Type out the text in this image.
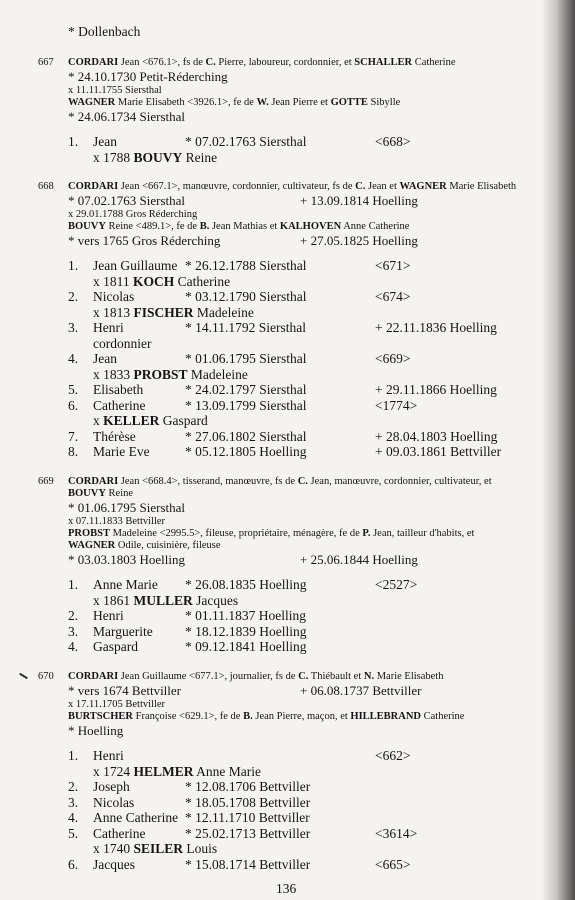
* Dollenbach
667 CORDARI Jean <676.1>, fs de C. Pierre, laboureur, cordonnier, et SCHALLER Catherine
* 24.10.1730 Petit-Réderching
x 11.11.1755 Siersthal
WAGNER Marie Elisabeth <3926.1>, fe de W. Jean Pierre et GOTTE Sibylle
* 24.06.1734 Siersthal
1. Jean	* 07.02.1763 Siersthal	<668>
x 1788 BOUVY Reine
668 CORDARI Jean <667.1>, manœuvre, cordonnier, cultivateur, fs de C. Jean et WAGNER Marie Elisabeth
* 07.02.1763 Siersthal	+ 13.09.1814 Hoelling
x 29.01.1788 Gros Réderching
BOUVY Reine <489.1>, fe de B. Jean Mathias et KALHOVEN Anne Catherine
* vers 1765 Gros Réderching	+ 27.05.1825 Hoelling
1. Jean Guillaume * 26.12.1788 Siersthal	<671>
x 1811 KOCH Catherine
2. Nicolas	* 03.12.1790 Siersthal	<674>
x 1813 FISCHER Madeleine
3. Henri	* 14.11.1792 Siersthal	+ 22.11.1836 Hoelling
cordonnier
4. Jean	* 01.06.1795 Siersthal	<669>
x 1833 PROBST Madeleine
5. Elisabeth	* 24.02.1797 Siersthal	+ 29.11.1866 Hoelling
6. Catherine	* 13.09.1799 Siersthal	<1774>
x KELLER Gaspard
7. Thérèse	* 27.06.1802 Siersthal	+ 28.04.1803 Hoelling
8. Marie Eve	* 05.12.1805 Hoelling	+ 09.03.1861 Bettviller
669 CORDARI Jean <668.4>, tisserand, manœuvre, fs de C. Jean, manœuvre, cordonnier, cultivateur, et
BOUVY Reine
* 01.06.1795 Siersthal
x 07.11.1833 Bettviller
PROBST Madeleine <2995.5>, fileuse, propriétaire, ménagère, fe de P. Jean, tailleur d'habits, et
WAGNER Odile, cuisinière, fileuse
* 03.03.1803 Hoelling	+ 25.06.1844 Hoelling
1. Anne Marie * 26.08.1835 Hoelling	<2527>
x 1861 MULLER Jacques
2. Henri	* 01.11.1837 Hoelling
3. Marguerite * 18.12.1839 Hoelling
4. Gaspard	* 09.12.1841 Hoelling
670 CORDARI Jean Guillaume <677.1>, journalier, fs de C. Thiébault et N. Marie Elisabeth
* vers 1674 Bettviller	+ 06.08.1737 Bettviller
x 17.11.1705 Bettviller
BURTSCHER Françoise <629.1>, fe de B. Jean Pierre, maçon, et HILLEBRAND Catherine
* Hoelling
1. Henri	<662>
x 1724 HELMER Anne Marie
2. Joseph	* 12.08.1706 Bettviller
3. Nicolas	* 18.05.1708 Bettviller
4. Anne Catherine * 12.11.1710 Bettviller
5. Catherine	* 25.02.1713 Bettviller	<3614>
x 1740 SEILER Louis
6. Jacques	* 15.08.1714 Bettviller	<665>
136
